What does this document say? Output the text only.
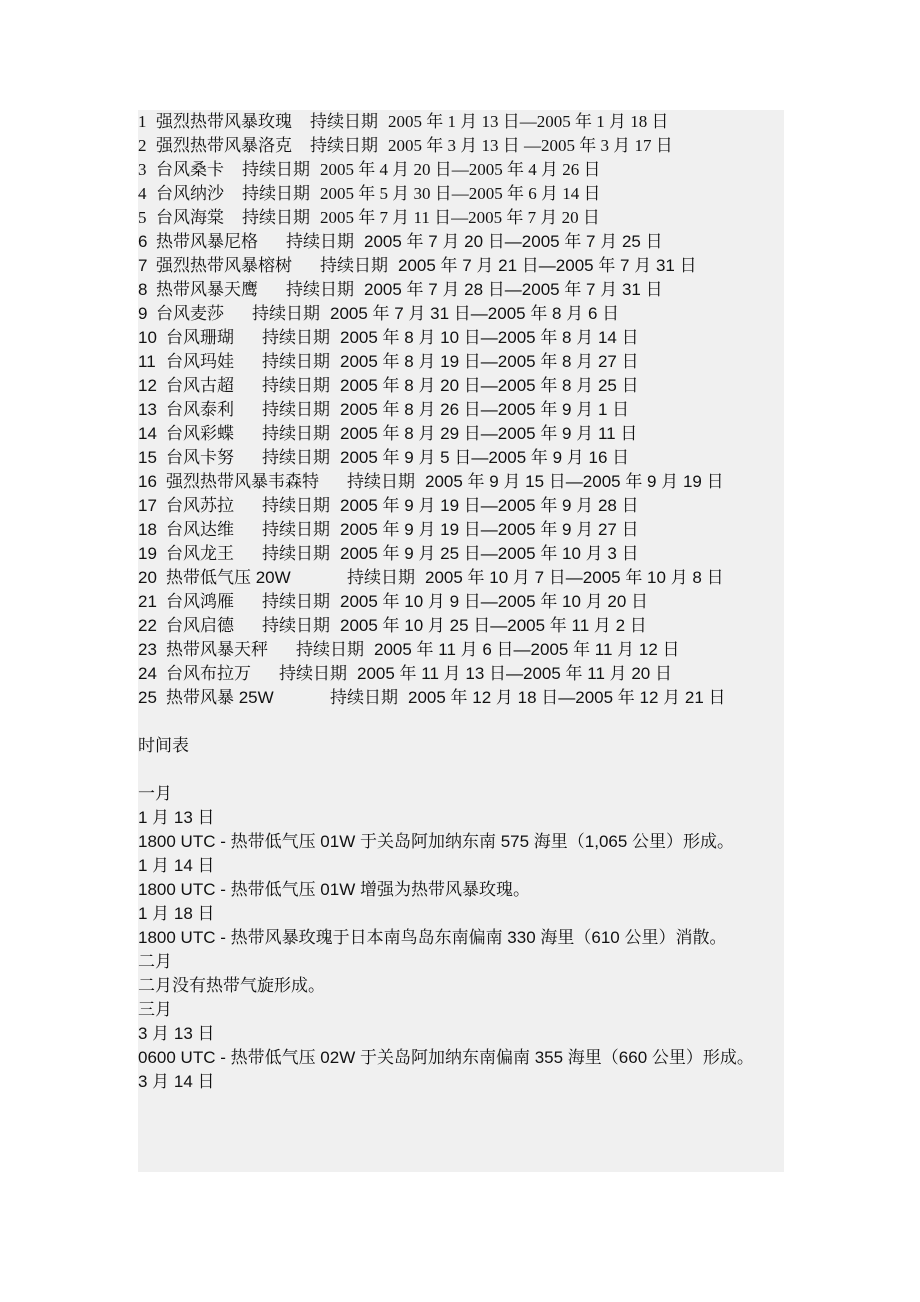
1 强烈热带风暴玫瑰 持续日期 2005 年 1 月 13 日—2005 年 1 月 18 日
2 强烈热带风暴洛克 持续日期 2005 年 3 月 13 日 —2005 年 3 月 17 日
3 台风桑卡 持续日期 2005 年 4 月 20 日—2005 年 4 月 26 日
4 台风纳沙 持续日期 2005 年 5 月 30 日—2005 年 6 月 14 日
5 台风海棠 持续日期 2005 年 7 月 11 日—2005 年 7 月 20 日
6 热带风暴尼格 持续日期 2005 年 7 月 20 日—2005 年 7 月 25 日
7 强烈热带风暴榕树 持续日期 2005 年 7 月 21 日—2005 年 7 月 31 日
8 热带风暴天鹰 持续日期 2005 年 7 月 28 日—2005 年 7 月 31 日
9 台风麦莎 持续日期 2005 年 7 月 31 日—2005 年 8 月 6 日
10 台风珊瑚 持续日期 2005 年 8 月 10 日—2005 年 8 月 14 日
11 台风玛娃 持续日期 2005 年 8 月 19 日—2005 年 8 月 27 日
12 台风古超 持续日期 2005 年 8 月 20 日—2005 年 8 月 25 日
13 台风泰利 持续日期 2005 年 8 月 26 日—2005 年 9 月 1 日
14 台风彩蝶 持续日期 2005 年 8 月 29 日—2005 年 9 月 11 日
15 台风卡努 持续日期 2005 年 9 月 5 日—2005 年 9 月 16 日
16 强烈热带风暴韦森特 持续日期 2005 年 9 月 15 日—2005 年 9 月 19 日
17 台风苏拉 持续日期 2005 年 9 月 19 日—2005 年 9 月 28 日
18 台风达维 持续日期 2005 年 9 月 19 日—2005 年 9 月 27 日
19 台风龙王 持续日期 2005 年 9 月 25 日—2005 年 10 月 3 日
20 热带低气压 20W	持续日期 2005 年 10 月 7 日—2005 年 10 月 8 日
21 台风鸿雁 持续日期 2005 年 10 月 9 日—2005 年 10 月 20 日
22 台风启德 持续日期 2005 年 10 月 25 日—2005 年 11 月 2 日
23 热带风暴天秤 持续日期 2005 年 11 月 6 日—2005 年 11 月 12 日
24 台风布拉万 持续日期 2005 年 11 月 13 日—2005 年 11 月 20 日
25 热带风暴 25W	持续日期 2005 年 12 月 18 日—2005 年 12 月 21 日
时间表
一月
1 月 13 日
1800 UTC - 热带低气压 01W 于关岛阿加纳东南 575 海里（1,065 公里）形成。
1 月 14 日
1800 UTC - 热带低气压 01W 增强为热带风暴玫瑰。
1 月 18 日
1800 UTC - 热带风暴玫瑰于日本南鸟岛东南偏南 330 海里（610 公里）消散。
二月
二月没有热带气旋形成。
三月
3 月 13 日
0600 UTC - 热带低气压 02W 于关岛阿加纳东南偏南 355 海里（660 公里）形成。
3 月 14 日
